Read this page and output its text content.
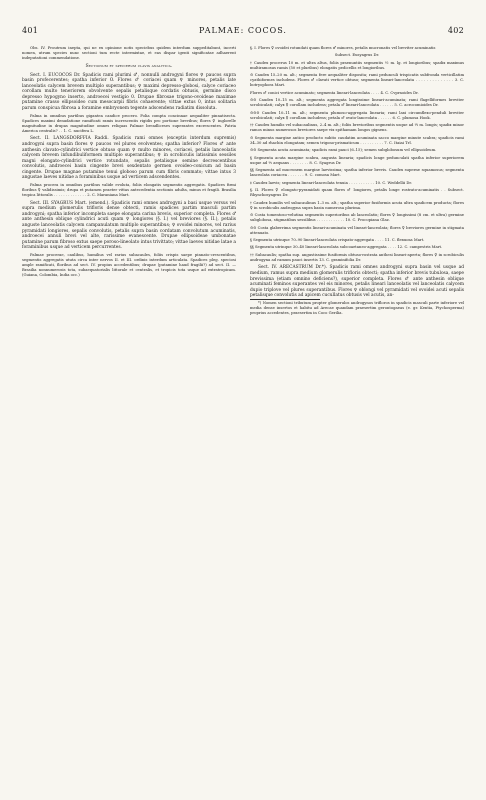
401	PALMAE: COCOS.	402

Obs. IV. Proutrum inepta, qui ne ex opinione notis speciebus quidem interdum suppeditabunt, incerti nomen, utrum species nunc sectioni tum recte intermixtae, et eas dispar igenti significatae adhaerent indeputationi commendatione.

Sectionum et specierum clavis analytica.

Sect. I. EUCOCOS Dr. Spadicis rami plurimi ♂, nonnulli androgyni flores ♀ paucos supra basin profecerentes; spatha inferior O. Flores ♂ coriacei quam ♀ minores, petalis late lanceolatis calycem brevem multiplo superantibus; ♀ maximi depresso-globosi, calyce coriaceo corollam multo teneriorem obvolvente sepalis petalisque cordatis obtusis, germine disco depresso hypogyno inserto, androecei vestigio 0. Drupae fibrosae trigono-ovoideae maximae putamine crasso ellipsoideo cum mesocarpii fibris cohaerente; vittae extus 0, intus solitaria parum conspicua fibrosa a foramine embryonem tegente adscendens radiatim dissoluta.

Palma in omnibus partibus gigantea candice procero. Folia compta concinnae aequaliter pinnatisecta. Spadices maximi denudatione ramificati ramis increscentis rigidis pro portione brevibus; flores ♀ inglorelle magnitudine in drupas magnitudine omnes reliquas Palmae breadliceses superantes excrescentes. Patria America centralis? . . 1. C. nucifera L.

Sect. II. LANGSDORFFIA Raddi. Spadicis rami omnes (exceptis interdum supremis) androgyni supra basin flores ♀ paucos vel plures evolventes; spatha inferior? Flores ♂ ante anthesin clavato-cylindrici vertice obtuso quam ♀ multo minores, coriacei, petalis lanceolatis calycem brevem infundibuliformem multiplo superantibus; ♀ in scrobiculis latissimis sessiles magni elongato-cylindrici vertice rotundato, sepalis petalisque semine decrescentibus convolutis, androecei basin cingente brevi sexdentato germen ovoideo-conicum ad basin cingente. Drupae magnae putamine tenui globoso parum cum fibris commato; vittae intus 3 angustae laeves nitidae a foraminibus usque ad verticem adscendentes.

Palma procera in omnibus partibus valide evoluta, foliis elongatis segmentis aggregatis. Spadices firmi floribus ♀ validissimis; drupa et putamen praeter vittas antecedentia sectionis adulta, minus et fragili. Brasilia tropica littoralis . . . . . . . . . . . . . . 2. C. Maraniana Mart.

Sect. III. SYAGRUS Mart. (emend.). Spadicis rami omnes androgyni a basi usque versus vel supra medium glomerulis trifloris dense obtecti, ramis spadices partim masculi partim androgyni; spatha inferior incompleta saepe elongata carina brevis, superior completa. Flores ♂ ante anthesin oblique cylindrici acuti quam ♀ longiores (§. I.) vel breviores (§. II.), petalis anguste lanceolatis calycem campanulatum multiplo superantibus; ♀ ovoidei minores, vel rarius pyramidati longiores, sepalis convolutis, petalis supra basin cordatam convolutum acuminatis, androecei annuli brevi vel alte, rarissime evanescente. Drupae ellipsoideae umbonatae putamine parum fibroso extus saepe poroso-lineolato intus trivittato; vittae laeves nitidae latae a foraminibus usque ad verticem percurrentes.

Palmae procerae, caulibus, humilius vel rarius subacaules, foliis crispis saepe pinnato-crescentibus, segmentis aggregatis ututa circa inter nervos II. et III. ordinis interdum articulata. Spadices pleg. speciosi ample ramificati, floribus ad sect. IV. propius accedentibus; drupae (putamine haud fragilii?) ad sect. II. — Brasilia nonnumerosis tota, subaequatorialis littorale et centralis, et tropicis tota usque ad extratropicam. (Guiana, Colombia, India occ.)

§. I. Flores ♀ ovoidei rotundati quam flores ♂ minores, petalis mucronatis vel breviter acuminatis

Subsect. Eusyagrus Dr.

† Caudex procerus 10 m. et ultra altus, foliis praenuntiis segmentis ⅙ m. lg. et longioribus; spadix maximus multiramosus ramis (50 et pluribus) elongatis pedicellis et longioribus.

⊙ Caudex 15–20 m. alt.; segmenta fere aequaliter disposita; rami pedunculi trispicatis subfronda verticillatim cyathiformes includens. Flores ♂ clavati vertice obtuso; segmenta lineari-lanceolata . . . . . . . . . . . . . . 3. C. botryophora Mart.

Flores ♂ conici vertice acuminato; segmenta lineari-lanceolata . . . . 4. C. Cvprnoides Dr.

⊙⊙ Caudex 10–15 m. alt.; segmenta aggregata longissime lineari-acuminata; rami flagelliformes breviter scrobiculati; calyx ♀ corollam includens; petala ♂ lineari-lanceolata . . . . . . 5. C. acrocomioides Dr.

⊙⊙⊙ Caudex 10–11 m. alt.; segmenta plumoso-aggregata linearia; rami laxi circumflexo-penduli breviter scrobiculati; calyx ♀ corollam includens; petala ♂ ovato-lanceolata . . . . . . 6. C. plumosa Hook.

†† Caudex humilis vel subacaulinus, 2–4 m. alt.; foliis brevioribus segmentis usque ad ⅓ m. longis; spadix minor ramos minus numerosos breviores saepe vix spithamam longos gignens.

⊙ Segmenta margine antico producto subito caudatim acuminata sacco margine minute scabra; spadicis rami 34–30 ad rhachin elongatam; semen trigono-prismaticum . . . . . . . . . . 7. C. Itaiai Trl.

⊙⊙ Segmenta acuta acuminata; spadicis rami pauci (6–15); semen subglobosum vel ellipsoideum.

§ Segmenta acuta margine scabra, angusta linearia; spadicis longe pedunculati spatha inferior superiorem usque ad ⅔ aequans . . . . . . . . 8. C. Syagrus Dr.

§§ Segmenta ad mucronem margine laevissima; spatha inferior brevis. Caudex superne squamosus; segmenta lanceolata coriacea . . . . . . . 9. C. comosa Mart.

‡ Caudex laevis; segmenta lineari-lanceolata tenuia . . . . . . . . . . . 10. C. Weddellii Dr.

§. II. Flores ♀ elongato-pyramidati quam flores ♂ longiores, petalis longe rostrato-acuminatis . . Subsect. Rhynchosyagrus Dr.

† Caudex humilis vel subacaulinus 1–3 m. alt.; spatha superior fusiformis acuta ultra spadicem producta; flores ♀ in scrobiculis androgyna supra basin numerosa plurima.

⊙ Costa tomentoso-velutina segmentis superioribus ab lanceolatis; flores ♀ longissimi (8 cm. et ultra) germine subglobosa, stigmatibus sessilibus . . . . . . . . . . . . 10. C. Procopiana Glaz.

⊙⊙ Costa glaberrima segmentis lineari-acuminata vel lineari-lanceolata; flores ♀ breviores germine in stigmata attenuato.

§ Segmenta utrinque 70–90 lineari-lanceolata crispato-aggregata . . . . 11. C. flexuosa Mart.

§§ Segmenta utrinque 30–40 lineari-lanceolata subcoaetaneo-aggregata . . . . 12. C. campestris Mart.

†† Subacaulis; spatha sup. angustissime fusiformis obtuso-rostrata anthesi lineari-aperta; flores ♀ in scrobiculis androgyna ad ramum pauci insertis 13. C. graminifolia Dr.

Sect. IV. ARECASTRUM Dr.*). Spadicis rami omnes androgyni supra basin vel usque ad medium, ramus supra medium glomerulis trifloris obtecti; spatha inferior brevis tubulosa, saepe brevissima (etiam omnino deficiens?), superior completa. Flores ♂ ante anthesin oblique acuminati feminos superantes vel eis minores, petalis lineari lanceolatis vel lanceolatis calycem dupio triplove vel plures superantibus. Flores ♀ oblongi vel pyramidati vel ovoidei acuti sepalis petalisque convolutis ad apicem cucullatus obtusis vel acutis, an-

*) Nomen sectioni tributum propter glomerulos androgynos trifloros in spadicis masculi parte inferiore vel media dense insertos et habitu ad Arecae quandam praesertim gerontogaeas (e. gr. Kentia, Ptychosperma) proprius accedentes, praesertim in Coco Gerilia.
